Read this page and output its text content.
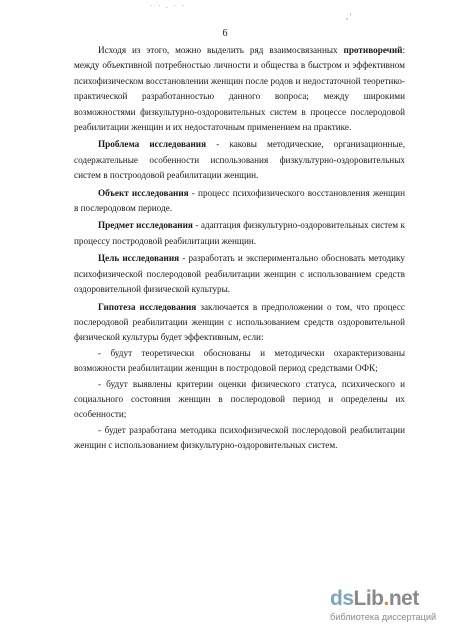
· · . · ·
, '
6

Исходя из этого, можно выделить ряд взаимосвязанных противоречий: между объективной потребностью личности и общества в быстром и эффективном психофизическом восстановлении женщин после родов и недостаточной теоретико-практической разработанностью данного вопроса; между широкими возможностями физкультурно-оздоровительных систем в процессе послеродовой реабилитации женщин и их недостаточным применением на практике.

Проблема исследования - каковы методические, организационные, содержательные особенности использования физкультурно-оздоровительных систем в построодовой реабилитации женщин.

Объект исследования - процесс психофизического восстановления женщин в послеродовом периоде.

Предмет исследования - адаптация физкультурно-оздоровительных систем к процессу постродовой реабилитации женщин.

Цель исследования - разработать и экспериментально обосновать методику психофизической послеродовой реабилитации женщин с использованием средств оздоровительной физической культуры.

Гипотеза исследования заключается в предположении о том, что процесс послеродовой реабилитации женщин с использованием средств оздоровительной физической культуры будет эффективным, если:

- будут теоретически обоснованы и методически охарактеризованы возможности реабилитации женщин в постродовой период средствами ОФК;

- будут выявлены критерии оценки физического статуса, психического и социального состояния женщин в послеродовой период и определены их особенности;

- будет разработана методика психофизической послеродовой реабилитации женщин с использованием физкультурно-оздоровительных систем.

dsLib.net
библиотека диссертаций
